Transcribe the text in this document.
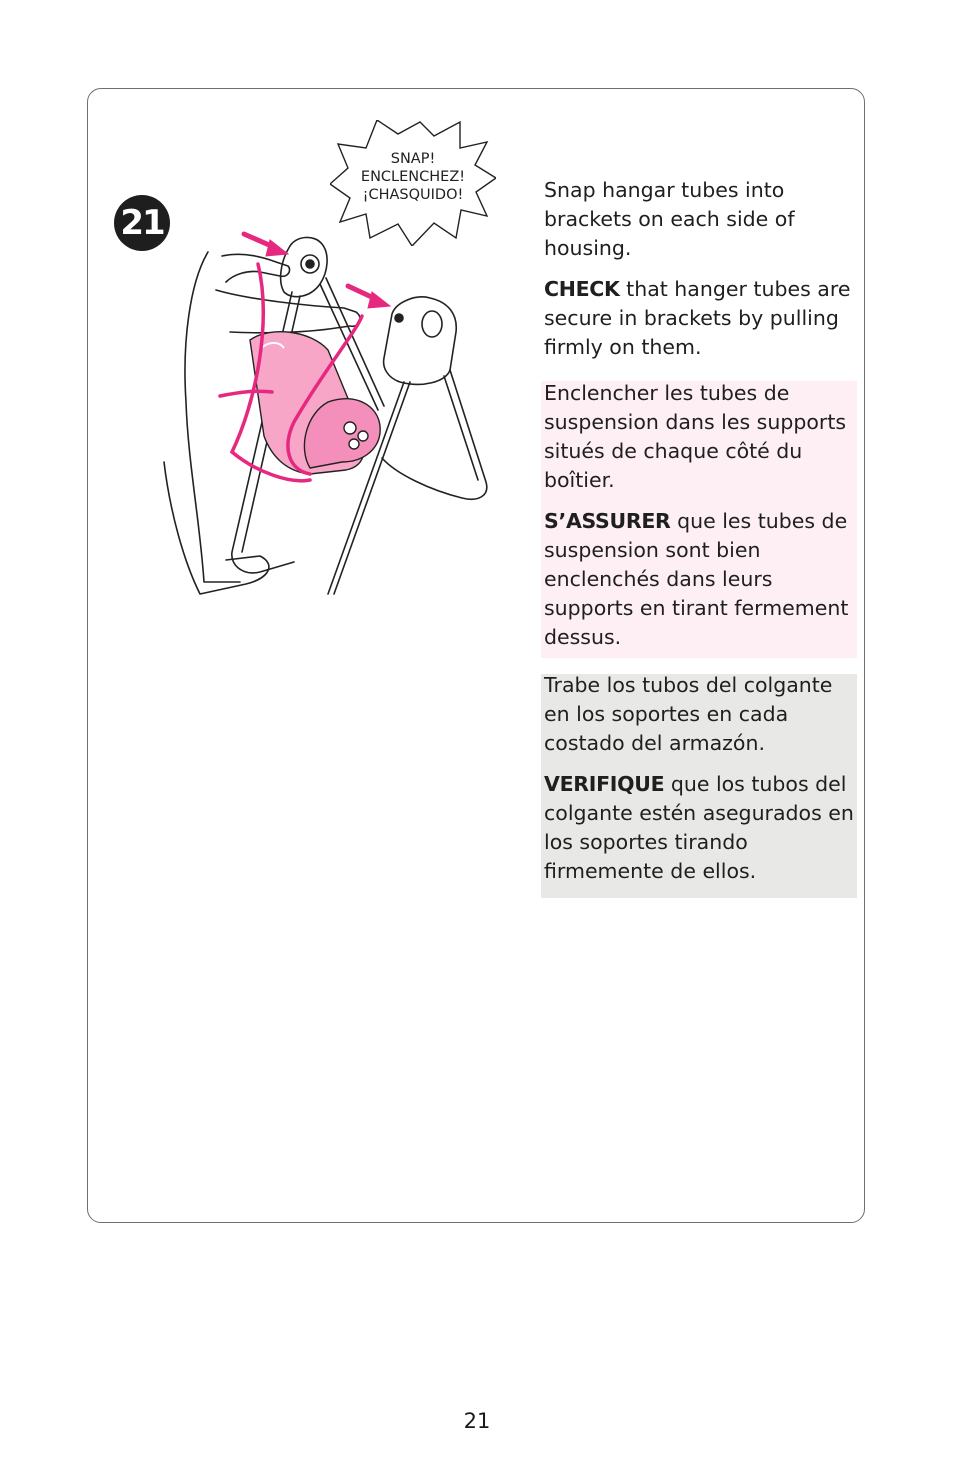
21
SNAP!
ENCLENCHEZ!
¡CHASQUIDO!	Snap hangar tubes into brackets on each side of housing.

CHECK that hanger tubes are secure in brackets by pulling firmly on them.

Enclencher les tubes de suspension dans les supports situés de chaque côté du boîtier.

S’ASSURER que les tubes de suspension sont bien enclenchés dans leurs supports en tirant fermement dessus.

Trabe los tubos del colgante en los soportes en cada costado del armazón.

VERIFIQUE que los tubos del colgante estén asegurados en los soportes tirando firmemente de ellos.

21
